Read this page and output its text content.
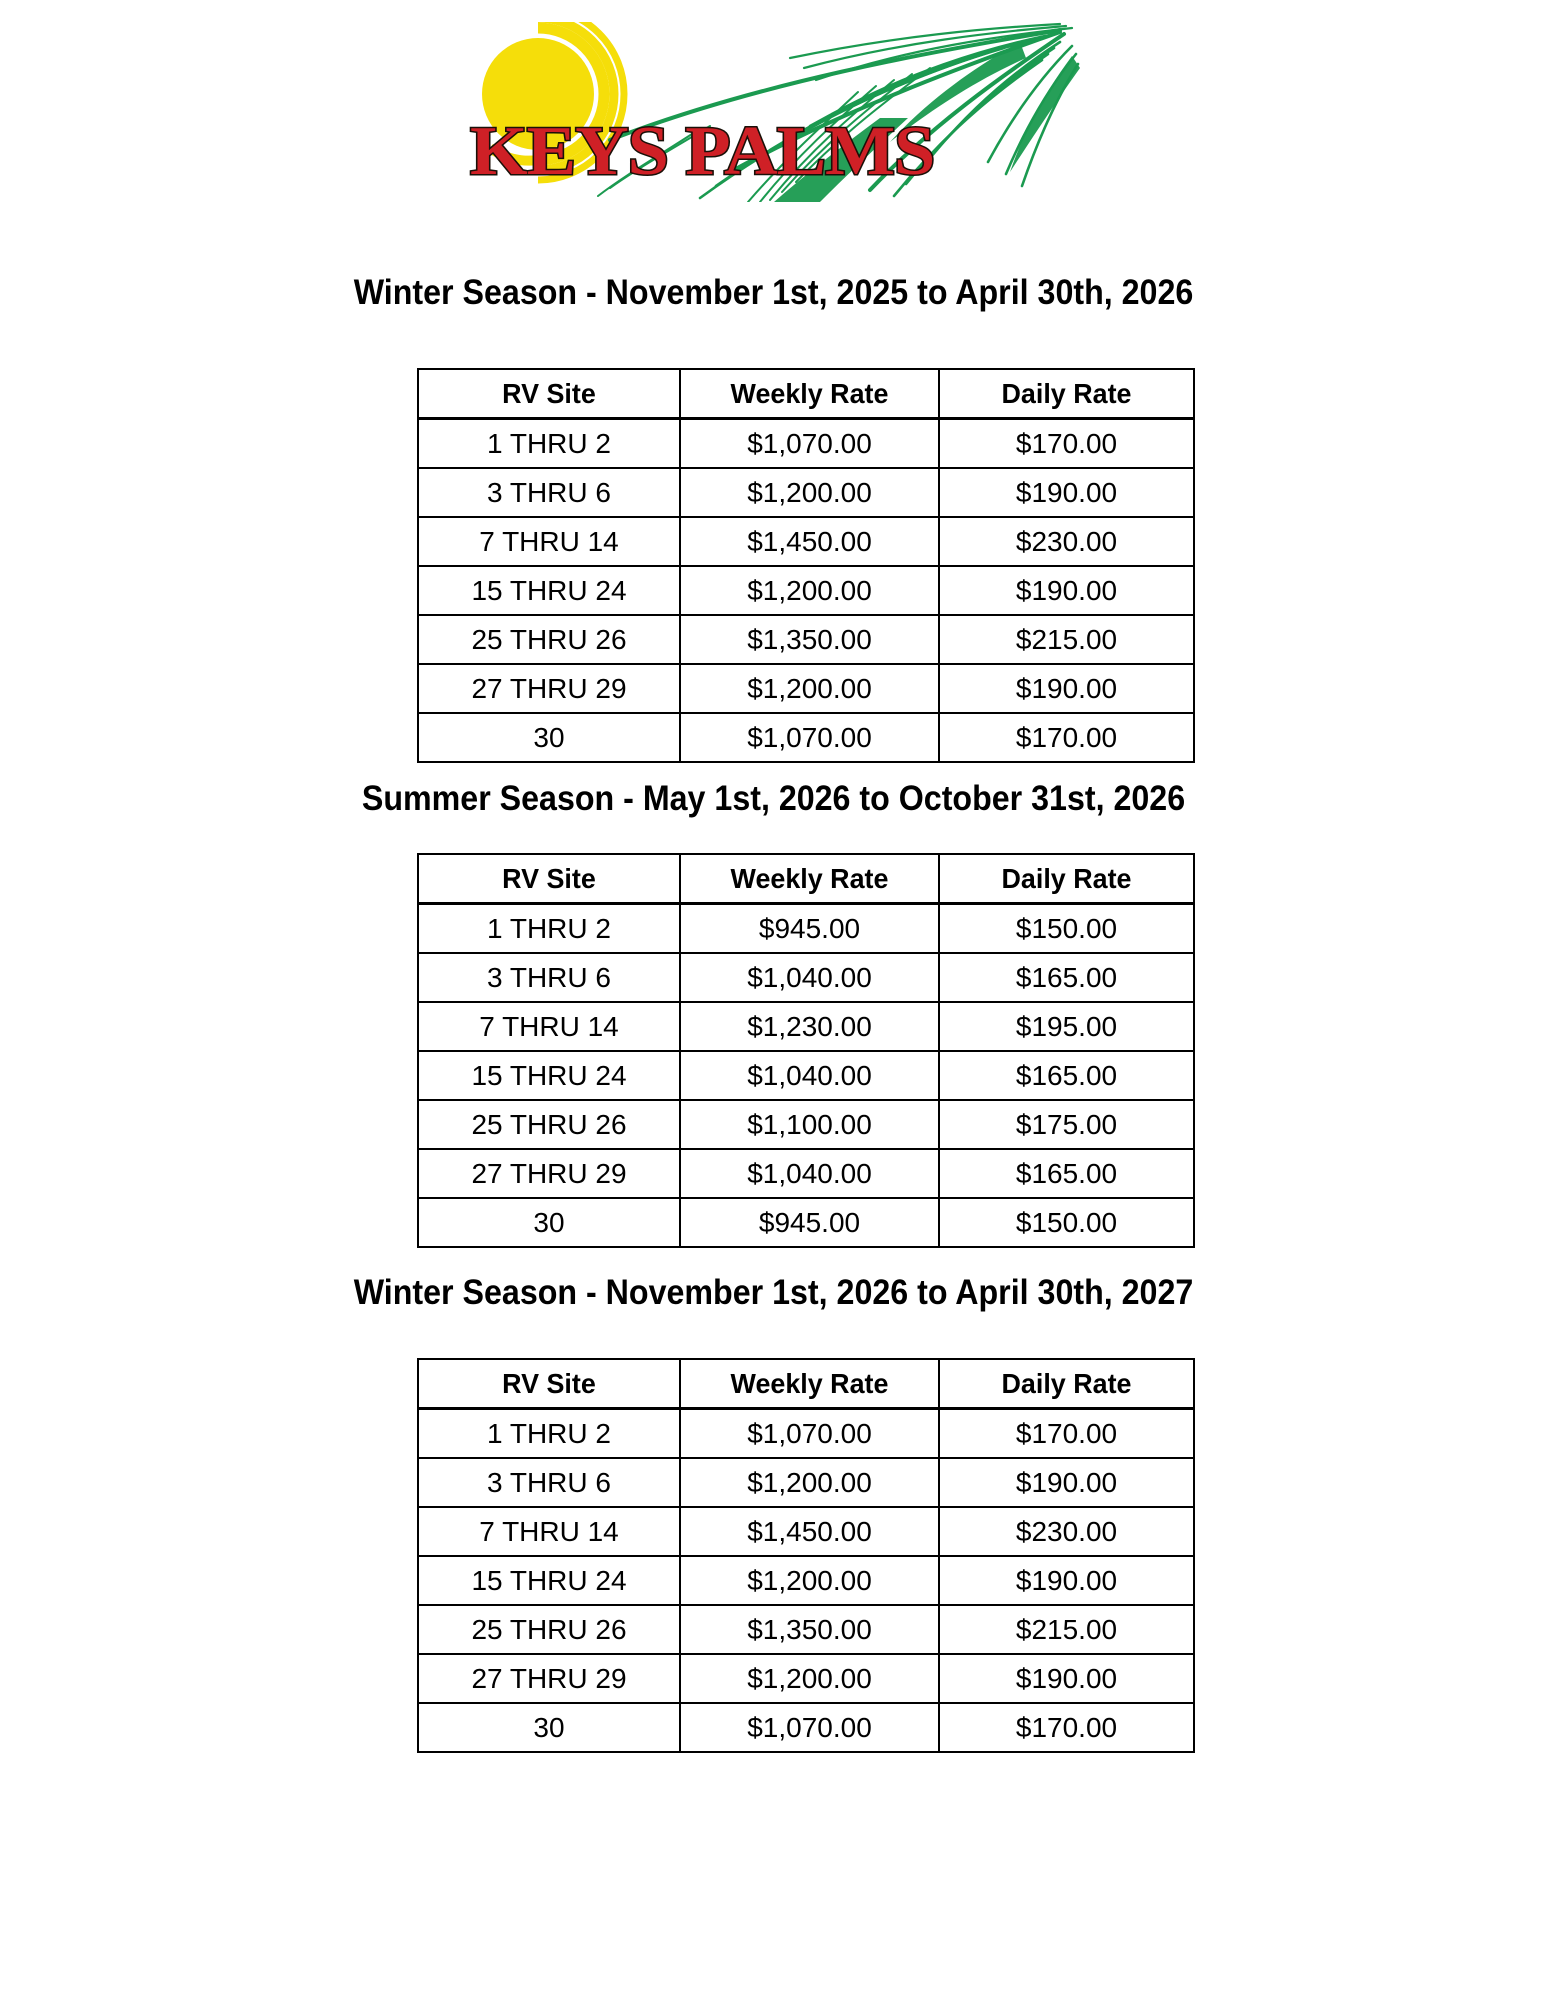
KEYS PALMS
Winter Season - November 1st, 2025 to April 30th, 2026
RV Site	Weekly Rate	Daily Rate
1 THRU 2	$1,070.00	$170.00
3 THRU 6	$1,200.00	$190.00
7 THRU 14	$1,450.00	$230.00
15 THRU 24	$1,200.00	$190.00
25 THRU 26	$1,350.00	$215.00
27 THRU 29	$1,200.00	$190.00
30	$1,070.00	$170.00
Summer Season - May 1st, 2026 to October 31st, 2026
RV Site	Weekly Rate	Daily Rate
1 THRU 2	$945.00	$150.00
3 THRU 6	$1,040.00	$165.00
7 THRU 14	$1,230.00	$195.00
15 THRU 24	$1,040.00	$165.00
25 THRU 26	$1,100.00	$175.00
27 THRU 29	$1,040.00	$165.00
30	$945.00	$150.00
Winter Season - November 1st, 2026 to April 30th, 2027
RV Site	Weekly Rate	Daily Rate
1 THRU 2	$1,070.00	$170.00
3 THRU 6	$1,200.00	$190.00
7 THRU 14	$1,450.00	$230.00
15 THRU 24	$1,200.00	$190.00
25 THRU 26	$1,350.00	$215.00
27 THRU 29	$1,200.00	$190.00
30	$1,070.00	$170.00
